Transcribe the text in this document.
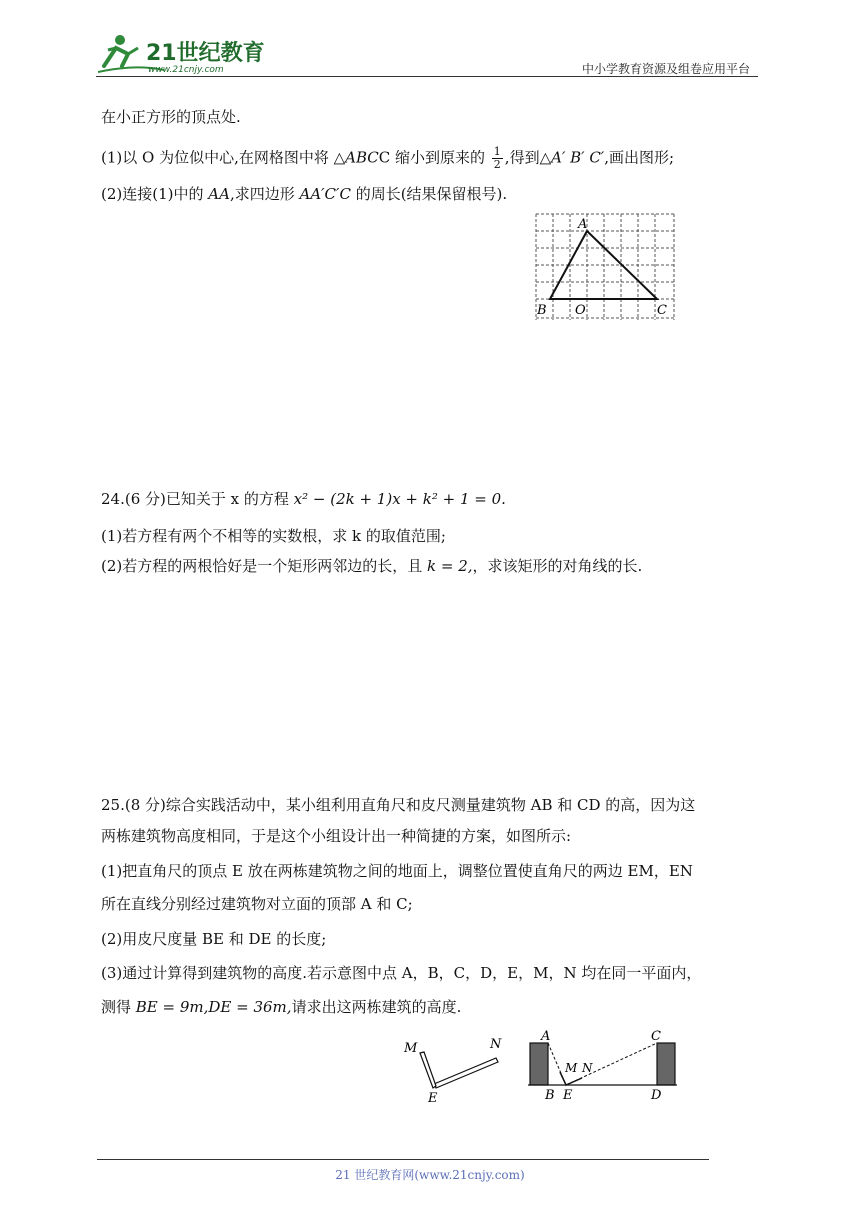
21世纪教育
www.21cnjy.com	中小学教育资源及组卷应用平台
在小正方形的顶点处.
(1)以 O 为位似中心,在网格图中将 △ABCC 缩小到原来的 $\frac{1}{2}$ ,得到△A′ B′ C′,画出图形;
(2)连接(1)中的 AA,求四边形 AA′C′C 的周长(结果保留根号).
A
B O	C
24.(6 分)已知关于 x 的方程 x² − (2k + 1)x + k² + 1 = 0.
(1)若方程有两个不相等的实数根，求 k 的取值范围;
(2)若方程的两根恰好是一个矩形两邻边的长，且 k = 2,，求该矩形的对角线的长.
25.(8 分)综合实践活动中，某小组利用直角尺和皮尺测量建筑物 AB 和 CD 的高，因为这
两栋建筑物高度相同，于是这个小组设计出一种简捷的方案，如图所示:
(1)把直角尺的顶点 E 放在两栋建筑物之间的地面上，调整位置使直角尺的两边 EM，EN
所在直线分别经过建筑物对立面的顶部 A 和 C;
(2)用皮尺度量 BE 和 DE 的长度;
(3)通过计算得到建筑物的高度.若示意图中点 A，B，C，D，E，M，N 均在同一平面内，
测得 BE = 9m,DE = 36m,请求出这两栋建筑的高度.
M	N
E
A	C
B E	D
M N
21 世纪教育网(www.21cnjy.com)
